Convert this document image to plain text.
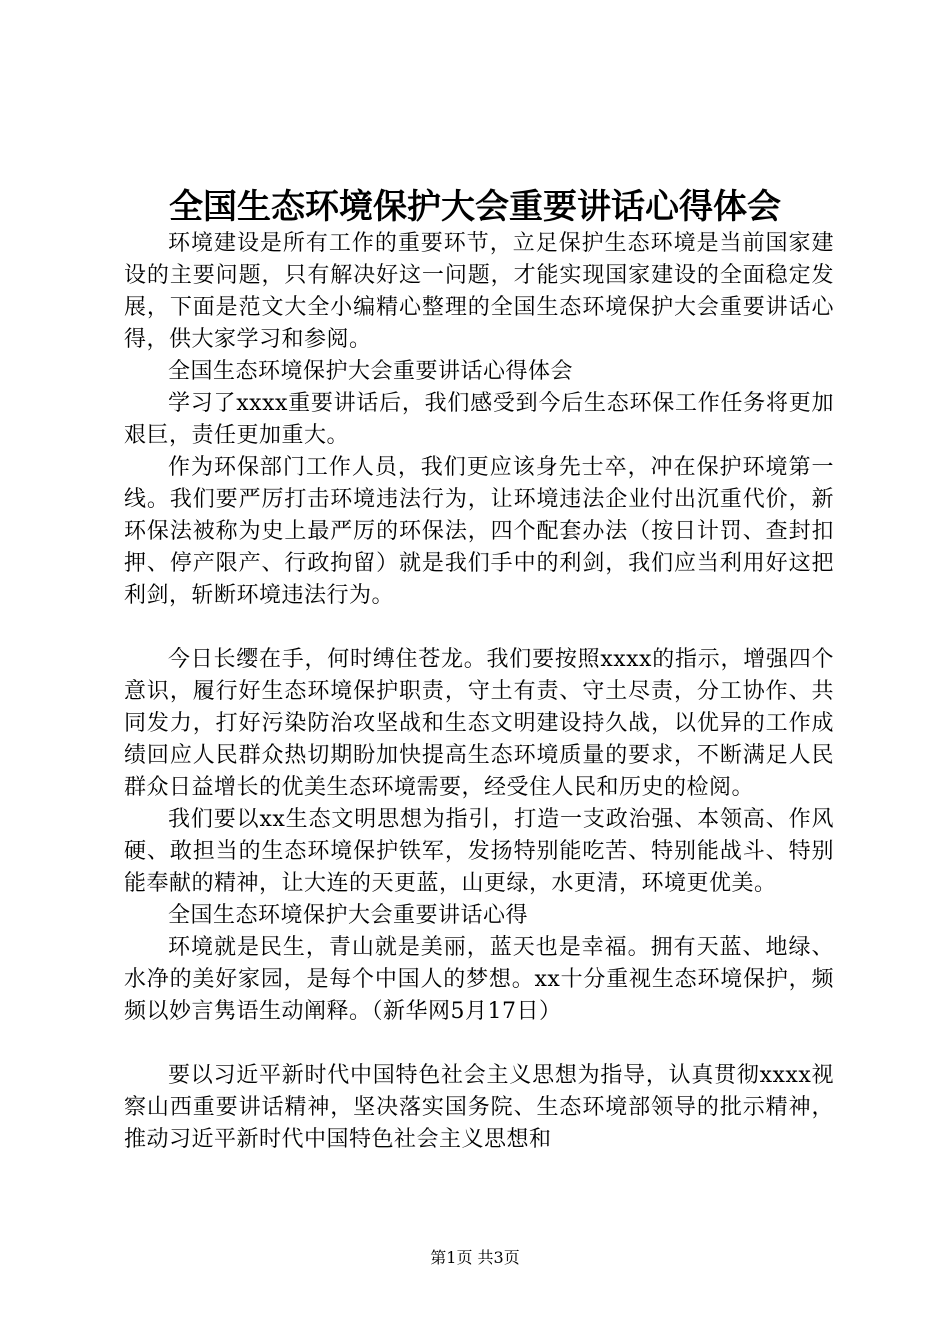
全国生态环境保护大会重要讲话心得体会

环境建设是所有工作的重要环节，立足保护生态环境是当前国家建设的主要问题，只有解决好这一问题，才能实现国家建设的全面稳定发展，下面是范文大全小编精心整理的全国生态环境保护大会重要讲话心得，供大家学习和参阅。

全国生态环境保护大会重要讲话心得体会

学习了xxxx重要讲话后，我们感受到今后生态环保工作任务将更加艰巨，责任更加重大。

作为环保部门工作人员，我们更应该身先士卒，冲在保护环境第一线。我们要严厉打击环境违法行为，让环境违法企业付出沉重代价，新环保法被称为史上最严厉的环保法，四个配套办法（按日计罚、查封扣押、停产限产、行政拘留）就是我们手中的利剑，我们应当利用好这把利剑，斩断环境违法行为。

今日长缨在手，何时缚住苍龙。我们要按照xxxx的指示，增强四个意识，履行好生态环境保护职责，守土有责、守土尽责，分工协作、共同发力，打好污染防治攻坚战和生态文明建设持久战，以优异的工作成绩回应人民群众热切期盼加快提高生态环境质量的要求，不断满足人民群众日益增长的优美生态环境需要，经受住人民和历史的检阅。

我们要以xx生态文明思想为指引，打造一支政治强、本领高、作风硬、敢担当的生态环境保护铁军，发扬特别能吃苦、特别能战斗、特别能奉献的精神，让大连的天更蓝，山更绿，水更清，环境更优美。

全国生态环境保护大会重要讲话心得

环境就是民生，青山就是美丽，蓝天也是幸福。拥有天蓝、地绿、水净的美好家园，是每个中国人的梦想。xx十分重视生态环境保护，频频以妙言隽语生动阐释。（新华网5月17日）

要以习近平新时代中国特色社会主义思想为指导，认真贯彻xxxx视察山西重要讲话精神，坚决落实国务院、生态环境部领导的批示精神，推动习近平新时代中国特色社会主义思想和

第1页 共3页
